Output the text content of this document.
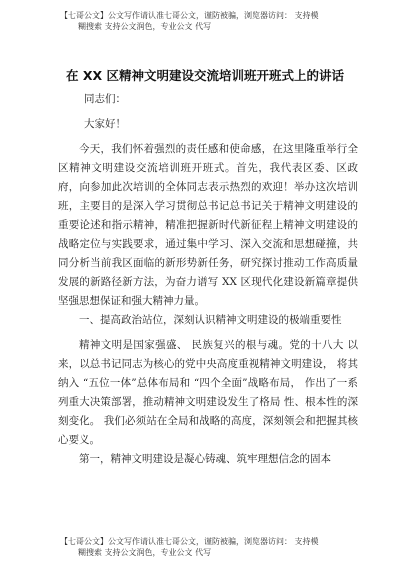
【七哥公文】公文写作请认准七哥公文，谨防被骗，浏览器访问： 支持模
糊搜索 支持公文润色，专业公文 代写
在 XX 区精神文明建设交流培训班开班式上的讲话

同志们：

大家好！

今天，我们怀着强烈的责任感和使命感，在这里隆重举行全区精神文明建设交流培训班开班式。首先，我代表区委、区政府，向参加此次培训的全体同志表示热烈的欢迎！举办这次培训班，主要目的是深入学习贯彻总书记总书记关于精神文明建设的重要论述和指示精神，精准把握新时代新征程上精神文明建设的战略定位与实践要求，通过集中学习、深入交流和思想碰撞，共同分析当前我区面临的新形势新任务，研究探讨推动工作高质量发展的新路径新方法，为奋力谱写 XX 区现代化建设新篇章提供坚强思想保证和强大精神力量。

一、提高政治站位，深刻认识精神文明建设的极端重要性

精神文明是国家强盛、 民族复兴的根与魂。党的十八大 以来，以总书记同志为核心的党中央高度重视精神文明建设， 将其纳入 “五位一体”总体布局和 “四个全面”战略布局， 作出了一系列重大决策部署，推动精神文明建设发生了格局 性、根本性的深刻变化。 我们必须站在全局和战略的高度，深刻领会和把握其核心要义。

第一，精神文明建设是凝心铸魂、筑牢理想信念的固本

【七哥公文】公文写作请认准七哥公文，谨防被骗，浏览器访问： 支持模
糊搜索 支持公文润色，专业公文 代写
